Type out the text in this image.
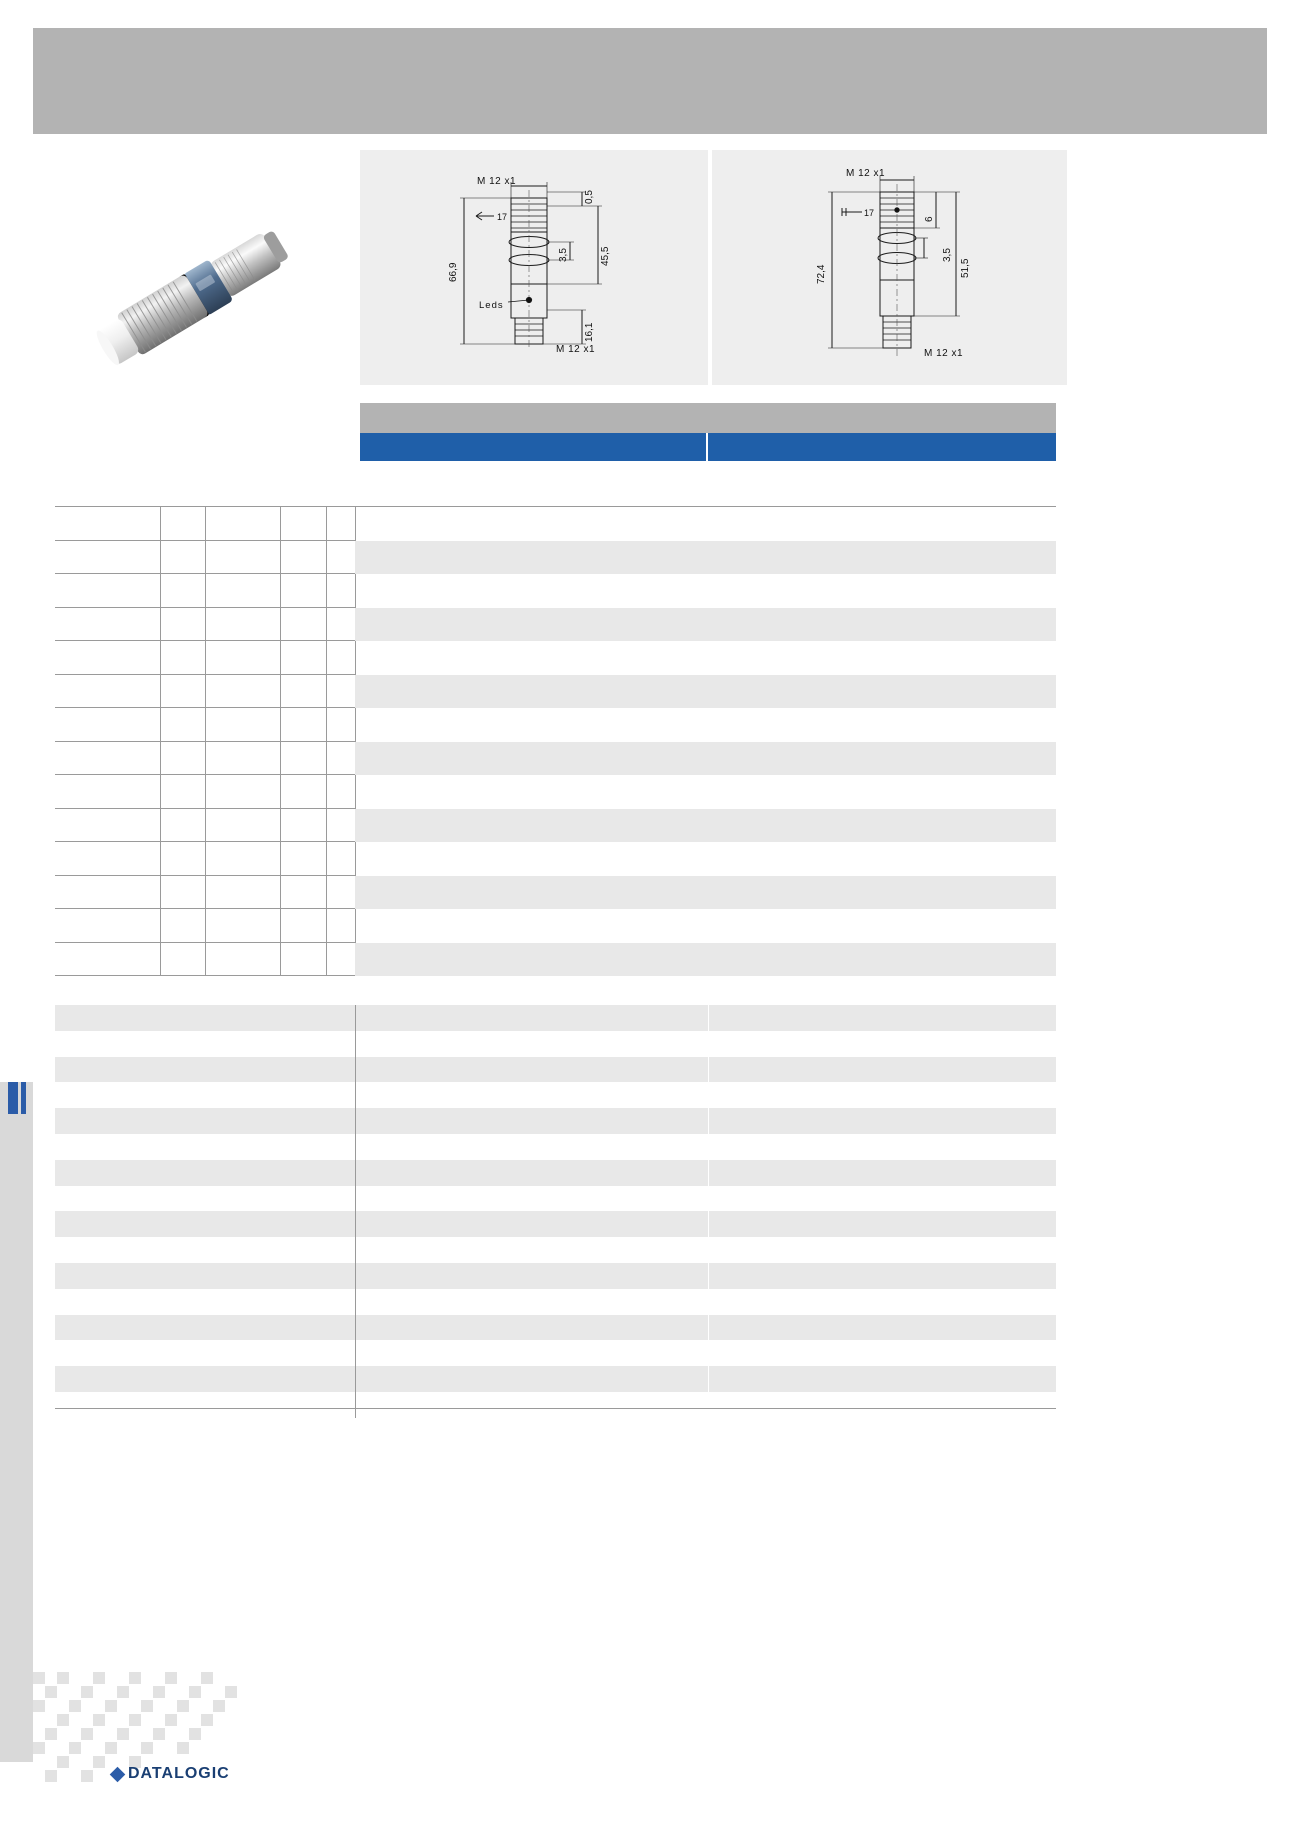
M 12 x1
M 12 x1
17
Leds
66,9
0,5
3,5	45,5
16,1
M 12 x1
M 12 x1
17
72,4
6
3,5
51,5
DATALOGIC
